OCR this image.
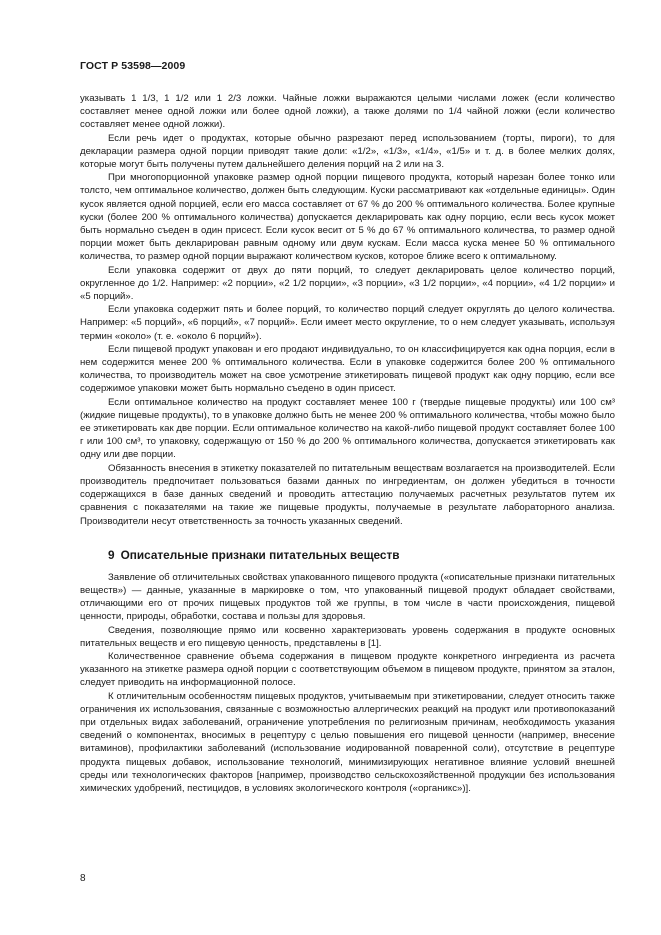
ГОСТ Р 53598—2009

указывать 1 1/3, 1 1/2 или 1 2/3 ложки. Чайные ложки выражаются целыми числами ложек (если количество составляет менее одной ложки или более одной ложки), а также долями по 1/4 чайной ложки (если количество составляет менее одной ложки).

Если речь идет о продуктах, которые обычно разрезают перед использованием (торты, пироги), то для декларации размера одной порции приводят такие доли: «1/2», «1/3», «1/4», «1/5» и т. д. в более мелких долях, которые могут быть получены путем дальнейшего деления порций на 2 или на 3.

При многопорционной упаковке размер одной порции пищевого продукта, который нарезан более тонко или толсто, чем оптимальное количество, должен быть следующим. Куски рассматривают как «отдельные единицы». Один кусок является одной порцией, если его масса составляет от 67 % до 200 % оптимального количества. Более крупные куски (более 200 % оптимального количества) допускается декларировать как одну порцию, если весь кусок может быть нормально съеден в один присест. Если кусок весит от 5 % до 67 % оптимального количества, то размер одной порции может быть декларирован равным одному или двум кускам. Если масса куска менее 50 % оптимального количества, то размер одной порции выражают количеством кусков, которое ближе всего к оптимальному.

Если упаковка содержит от двух до пяти порций, то следует декларировать целое количество порций, округленное до 1/2. Например: «2 порции», «2 1/2 порции», «3 порции», «3 1/2 порции», «4 порции», «4 1/2 порции» и «5 порций».

Если упаковка содержит пять и более порций, то количество порций следует округлять до целого количества. Например: «5 порций», «6 порций», «7 порций». Если имеет место округление, то о нем следует указывать, используя термин «около» (т. е. «около 6 порций»).

Если пищевой продукт упакован и его продают индивидуально, то он классифицируется как одна порция, если в нем содержится менее 200 % оптимального количества. Если в упаковке содержится более 200 % оптимального количества, то производитель может на свое усмотрение этикетировать пищевой продукт как одну порцию, если все содержимое упаковки может быть нормально съедено в один присест.

Если оптимальное количество на продукт составляет менее 100 г (твердые пищевые продукты) или 100 см³ (жидкие пищевые продукты), то в упаковке должно быть не менее 200 % оптимального количества, чтобы можно было ее этикетировать как две порции. Если оптимальное количество на какой-либо пищевой продукт составляет более 100 г или 100 см³, то упаковку, содержащую от 150 % до 200 % оптимального количества, допускается этикетировать как одну или две порции.

Обязанность внесения в этикетку показателей по питательным веществам возлагается на производителей. Если производитель предпочитает пользоваться базами данных по ингредиентам, он должен убедиться в точности содержащихся в базе данных сведений и проводить аттестацию получаемых расчетных результатов путем их сравнения с показателями на такие же пищевые продукты, получаемые в результате лабораторного анализа. Производители несут ответственность за точность указанных сведений.

9 Описательные признаки питательных веществ

Заявление об отличительных свойствах упакованного пищевого продукта («описательные признаки питательных веществ») — данные, указанные в маркировке о том, что упакованный пищевой продукт обладает свойствами, отличающими его от прочих пищевых продуктов той же группы, в том числе в части происхождения, пищевой ценности, природы, обработки, состава и пользы для здоровья.

Сведения, позволяющие прямо или косвенно характеризовать уровень содержания в продукте основных питательных веществ и его пищевую ценность, представлены в [1].

Количественное сравнение объема содержания в пищевом продукте конкретного ингредиента из расчета указанного на этикетке размера одной порции с соответствующим объемом в пищевом продукте, принятом за эталон, следует приводить на информационной полосе.

К отличительным особенностям пищевых продуктов, учитываемым при этикетировании, следует относить также ограничения их использования, связанные с возможностью аллергических реакций на продукт или противопоказаний при отдельных видах заболеваний, ограничение употребления по религиозным причинам, необходимость указания сведений о компонентах, вносимых в рецептуру с целью повышения его пищевой ценности (например, внесение витаминов), профилактики заболеваний (использование иодированной поваренной соли), отсутствие в рецептуре продукта пищевых добавок, использование технологий, минимизирующих негативное влияние условий внешней среды или технологических факторов [например, производство сельскохозяйственной продукции без использования химических удобрений, пестицидов, в условиях экологического контроля («органикс»)].

8
